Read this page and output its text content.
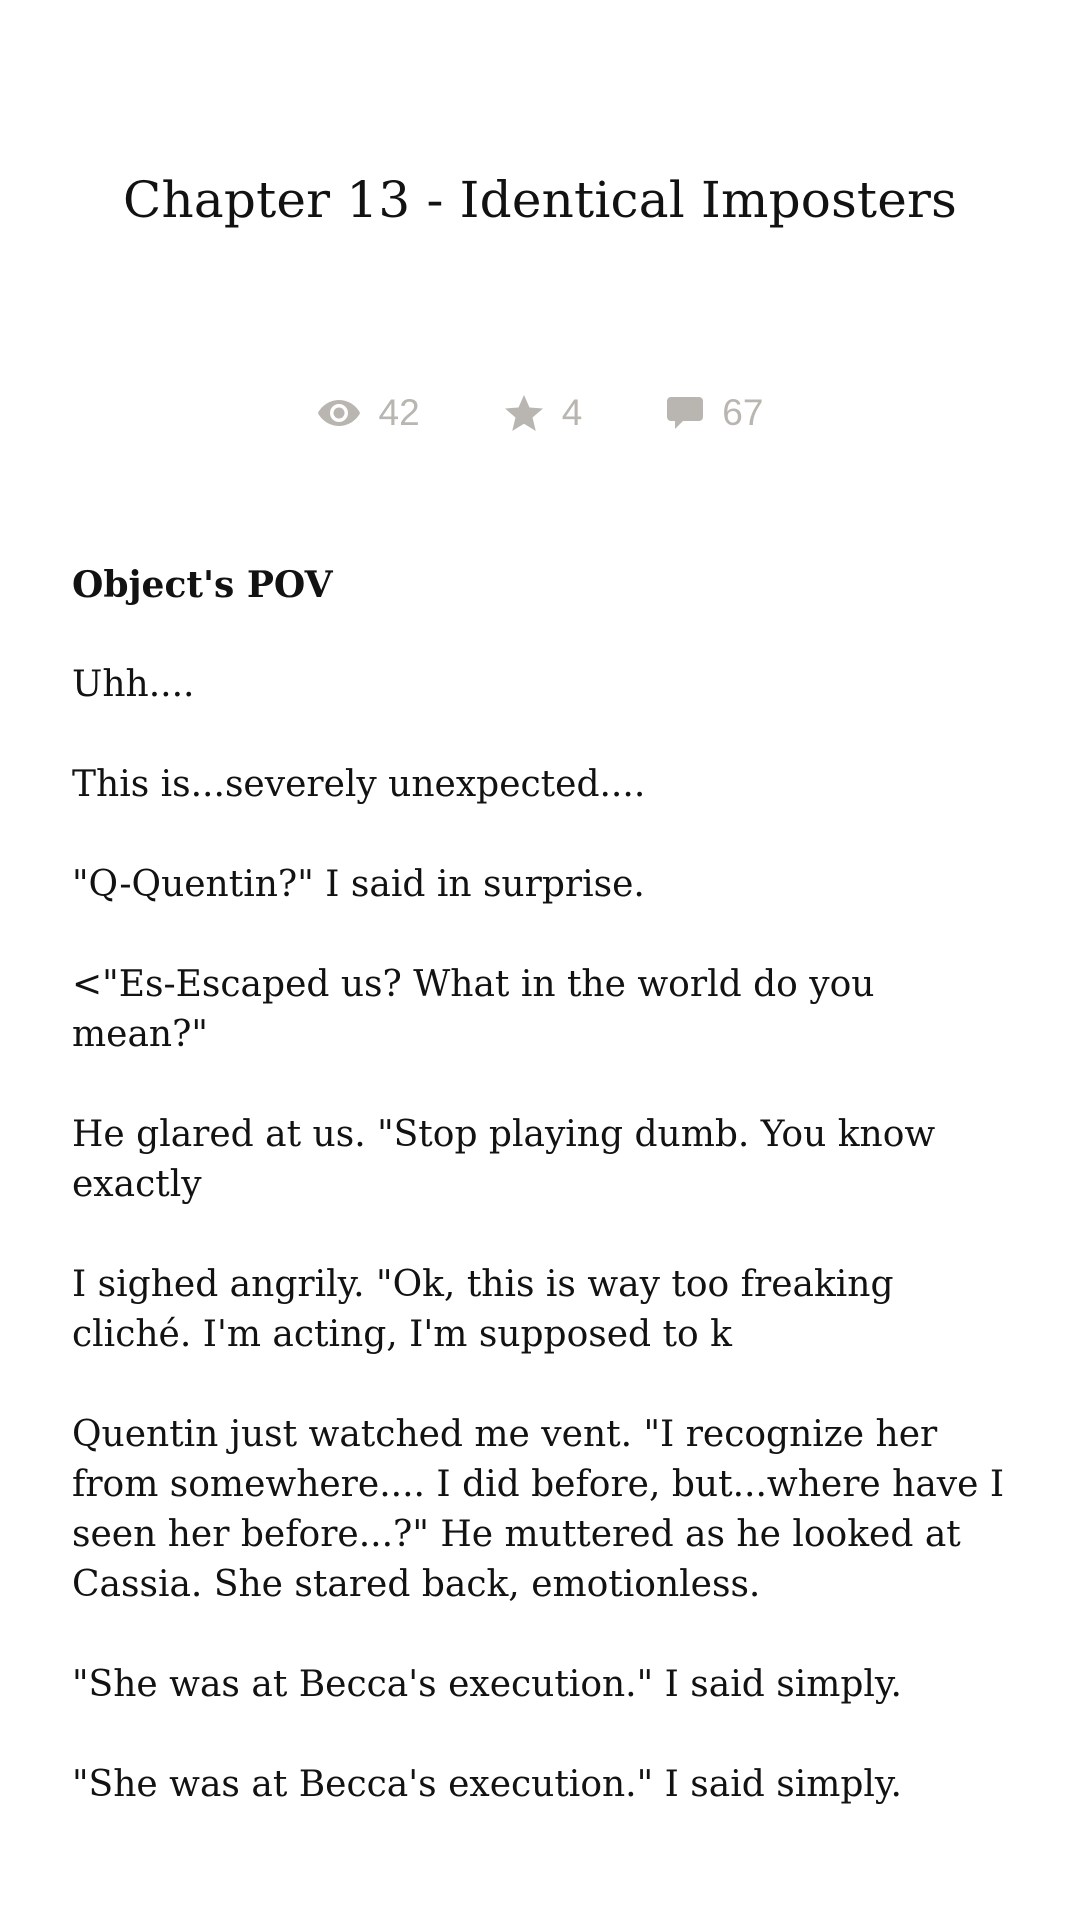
Chapter 13 - Identical Imposters
42	4	67

Object's POV

Uhh....

This is...severely unexpected....

"Q-Quentin?" I said in surprise.

<"Es-Escaped us? What in the world do you mean?"

He glared at us. "Stop playing dumb. You know exactly

I sighed angrily. "Ok, this is way too freaking cliché. I'm acting, I'm supposed to k

Quentin just watched me vent. "I recognize her from somewhere.... I did before, but...where have I seen her before...?" He muttered as he looked at Cassia. She stared back, emotionless.

"She was at Becca's execution." I said simply.

"She was at Becca's execution." I said simply.
